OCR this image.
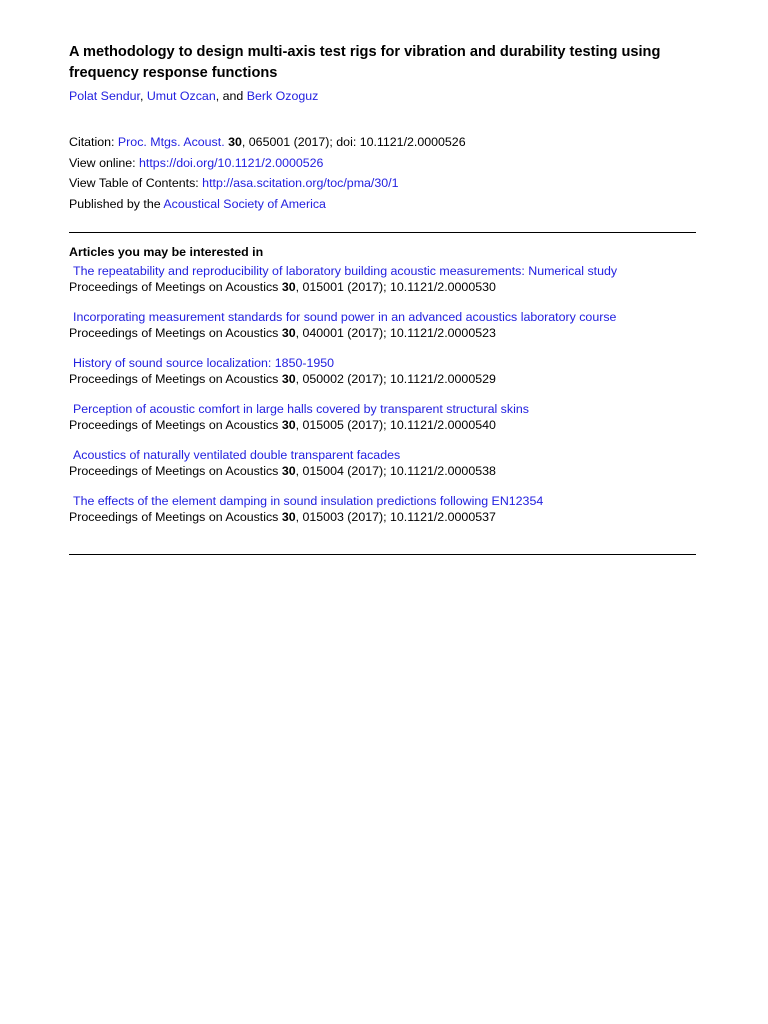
A methodology to design multi-axis test rigs for vibration and durability testing using frequency response functions
Polat Sendur, Umut Ozcan, and Berk Ozoguz
Citation: Proc. Mtgs. Acoust. 30, 065001 (2017); doi: 10.1121/2.0000526
View online: https://doi.org/10.1121/2.0000526
View Table of Contents: http://asa.scitation.org/toc/pma/30/1
Published by the Acoustical Society of America
Articles you may be interested in
The repeatability and reproducibility of laboratory building acoustic measurements: Numerical study
Proceedings of Meetings on Acoustics 30, 015001 (2017); 10.1121/2.0000530
Incorporating measurement standards for sound power in an advanced acoustics laboratory course
Proceedings of Meetings on Acoustics 30, 040001 (2017); 10.1121/2.0000523
History of sound source localization: 1850-1950
Proceedings of Meetings on Acoustics 30, 050002 (2017); 10.1121/2.0000529
Perception of acoustic comfort in large halls covered by transparent structural skins
Proceedings of Meetings on Acoustics 30, 015005 (2017); 10.1121/2.0000540
Acoustics of naturally ventilated double transparent facades
Proceedings of Meetings on Acoustics 30, 015004 (2017); 10.1121/2.0000538
The effects of the element damping in sound insulation predictions following EN12354
Proceedings of Meetings on Acoustics 30, 015003 (2017); 10.1121/2.0000537
